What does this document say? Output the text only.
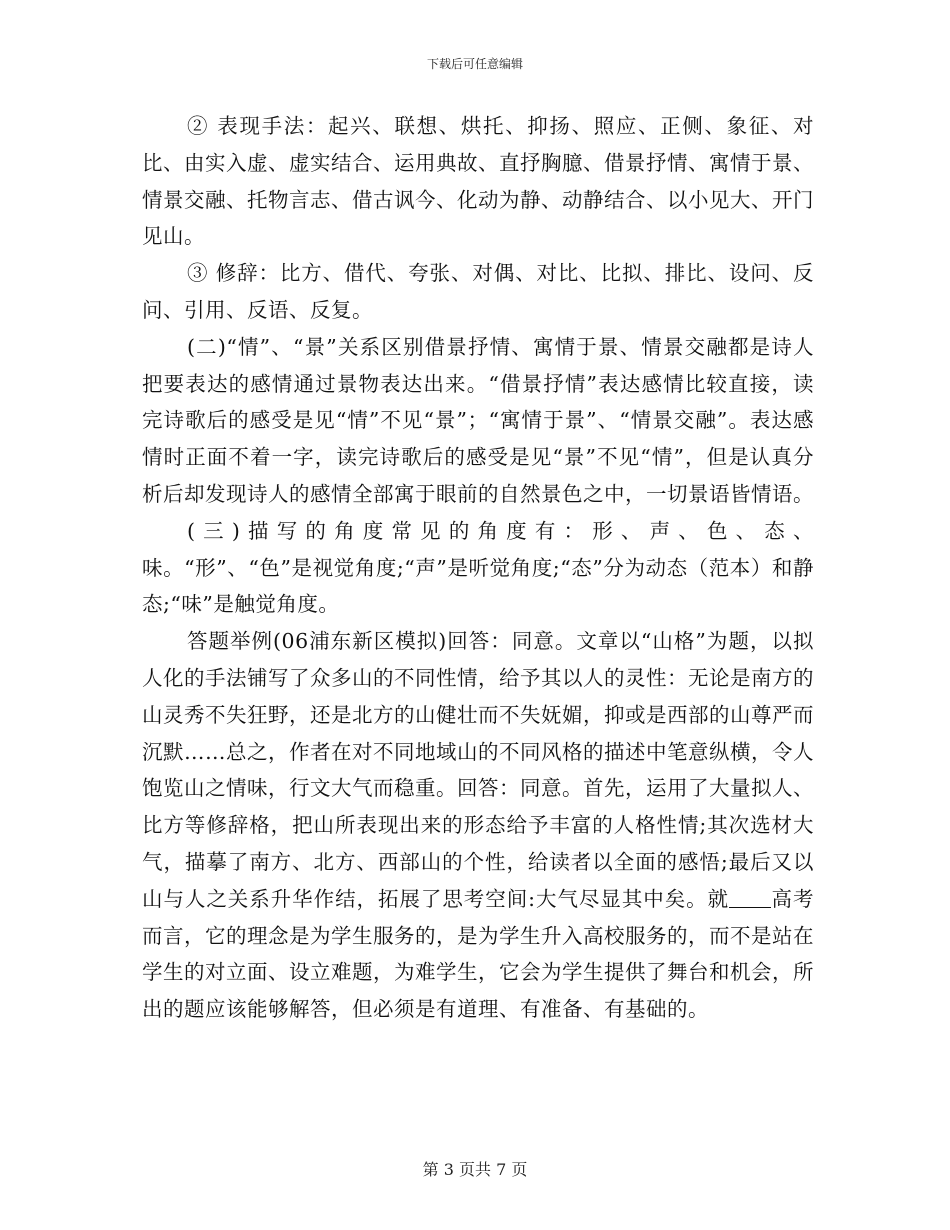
下载后可任意编辑

② 表现手法：起兴、联想、烘托、抑扬、照应、正侧、象征、对比、由实入虚、虚实结合、运用典故、直抒胸臆、借景抒情、寓情于景、情景交融、托物言志、借古讽今、化动为静、动静结合、以小见大、开门见山。

③ 修辞：比方、借代、夸张、对偶、对比、比拟、排比、设问、反问、引用、反语、反复。

(二)“情”、“景”关系区别借景抒情、寓情于景、情景交融都是诗人把要表达的感情通过景物表达出来。“借景抒情”表达感情比较直接，读完诗歌后的感受是见“情”不见“景”；“寓情于景”、“情景交融”。表达感情时正面不着一字，读完诗歌后的感受是见“景”不见“情”，但是认真分析后却发现诗人的感情全部寓于眼前的自然景色之中，一切景语皆情语。

(三)描写的角度常见的角度有：形、声、色、态、味。“形”、“色”是视觉角度;“声”是听觉角度;“态”分为动态（范本）和静态;“味”是触觉角度。

答题举例(06浦东新区模拟)回答：同意。文章以“山格”为题，以拟人化的手法铺写了众多山的不同性情，给予其以人的灵性：无论是南方的山灵秀不失狂野，还是北方的山健壮而不失妩媚，抑或是西部的山尊严而沉默……总之，作者在对不同地域山的不同风格的描述中笔意纵横，令人饱览山之情味，行文大气而稳重。回答：同意。首先，运用了大量拟人、比方等修辞格，把山所表现出来的形态给予丰富的人格性情;其次选材大气，描摹了南方、北方、西部山的个性，给读者以全面的感悟;最后又以山与人之关系升华作结，拓展了思考空间:大气尽显其中矣。就 高考而言，它的理念是为学生服务的，是为学生升入高校服务的，而不是站在学生的对立面、设立难题，为难学生，它会为学生提供了舞台和机会，所出的题应该能够解答，但必须是有道理、有准备、有基础的。

第 3 页共 7 页
